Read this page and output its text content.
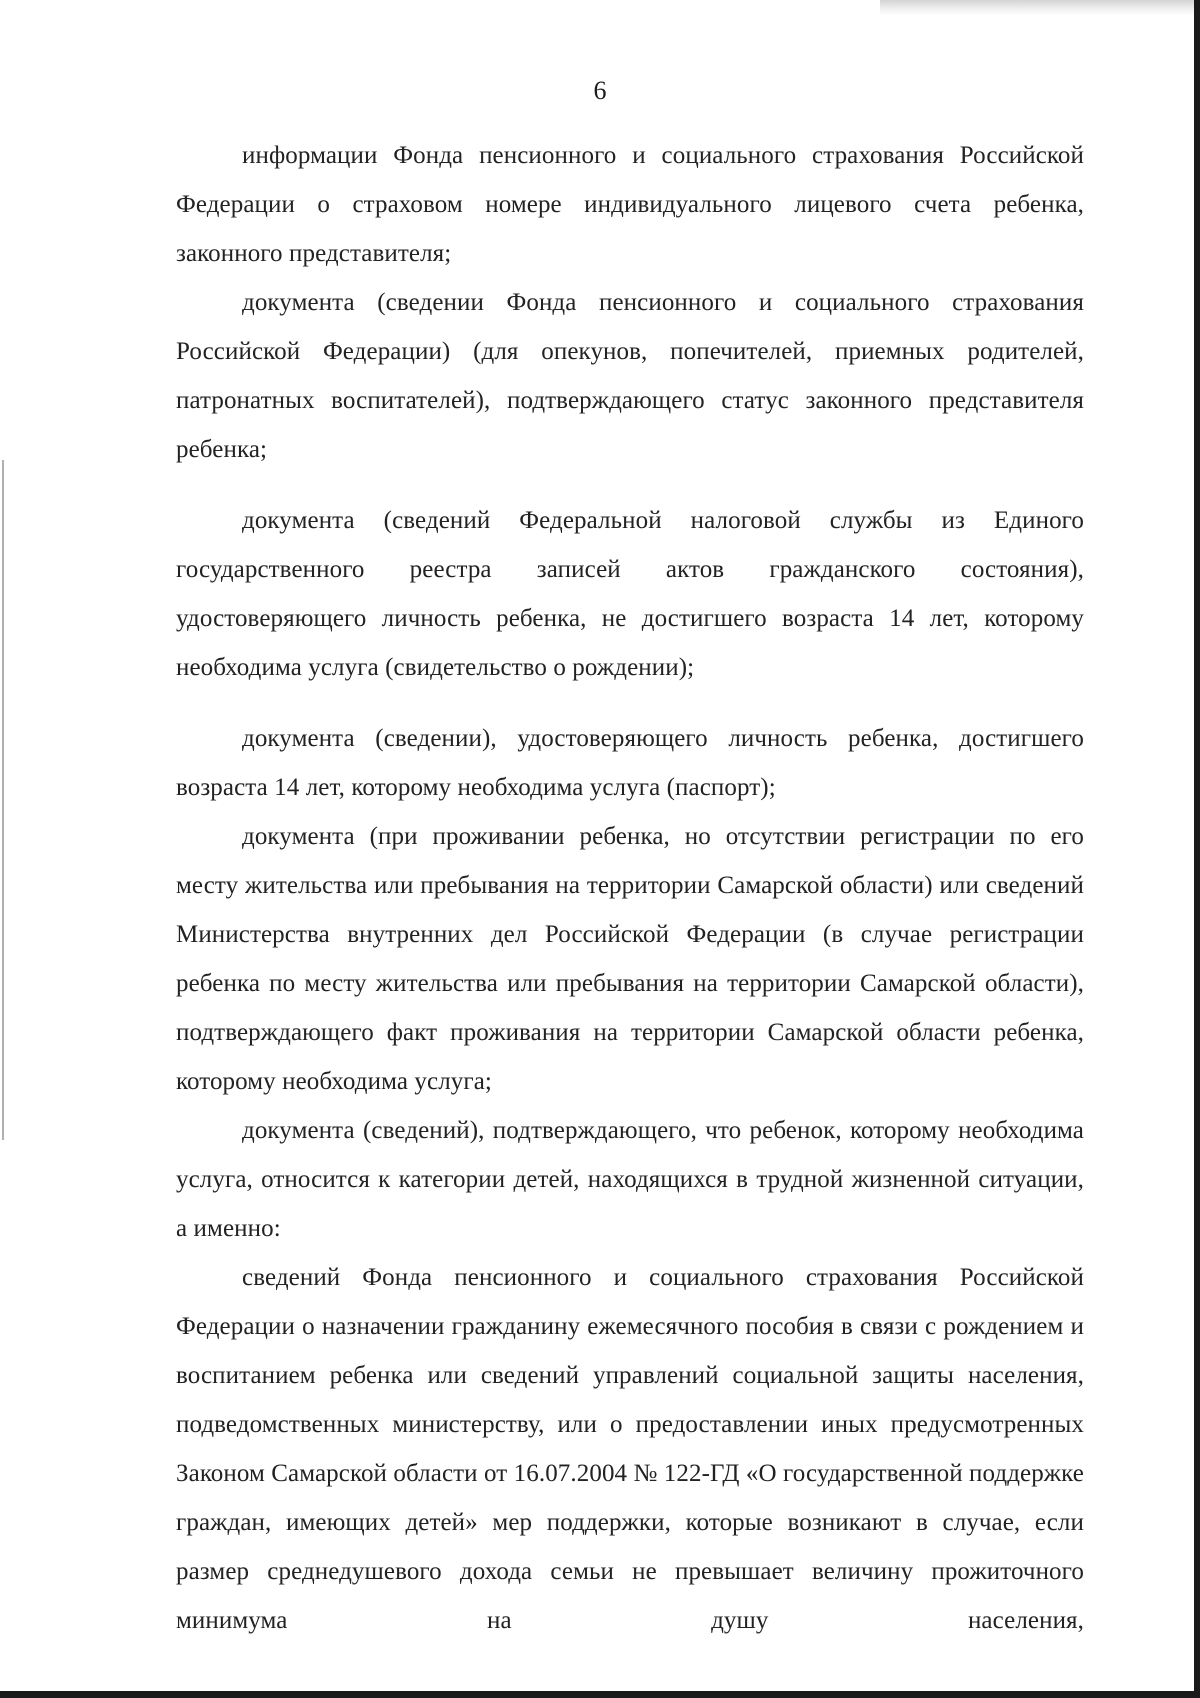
6

информации Фонда пенсионного и социального страхования Российской Федерации о страховом номере индивидуального лицевого счета ребенка, законного представителя;

документа (сведении Фонда пенсионного и социального страхования Российской Федерации) (для опекунов, попечителей, приемных родителей, патронатных воспитателей), подтверждающего статус законного представителя ребенка;

документа (сведений Федеральной налоговой службы из Единого государственного реестра записей актов гражданского состояния), удостоверяющего личность ребенка, не достигшего возраста 14 лет, которому необходима услуга (свидетельство о рождении);

документа (сведении), удостоверяющего личность ребенка, достигшего возраста 14 лет, которому необходима услуга (паспорт);

документа (при проживании ребенка, но отсутствии регистрации по его месту жительства или пребывания на территории Самарской области) или сведений Министерства внутренних дел Российской Федерации (в случае регистрации ребенка по месту жительства или пребывания на территории Самарской области), подтверждающего факт проживания на территории Самарской области ребенка, которому необходима услуга;

документа (сведений), подтверждающего, что ребенок, которому необходима услуга, относится к категории детей, находящихся в трудной жизненной ситуации, а именно:

сведений Фонда пенсионного и социального страхования Российской Федерации о назначении гражданину ежемесячного пособия в связи с рождением и воспитанием ребенка или сведений управлений социальной защиты населения, подведомственных министерству, или о предоставлении иных предусмотренных Законом Самарской области от 16.07.2004 № 122-ГД «О государственной поддержке граждан, имеющих детей» мер поддержки, которые возникают в случае, если размер среднедушевого дохода семьи не превышает величину прожиточного минимума на душу населения,
